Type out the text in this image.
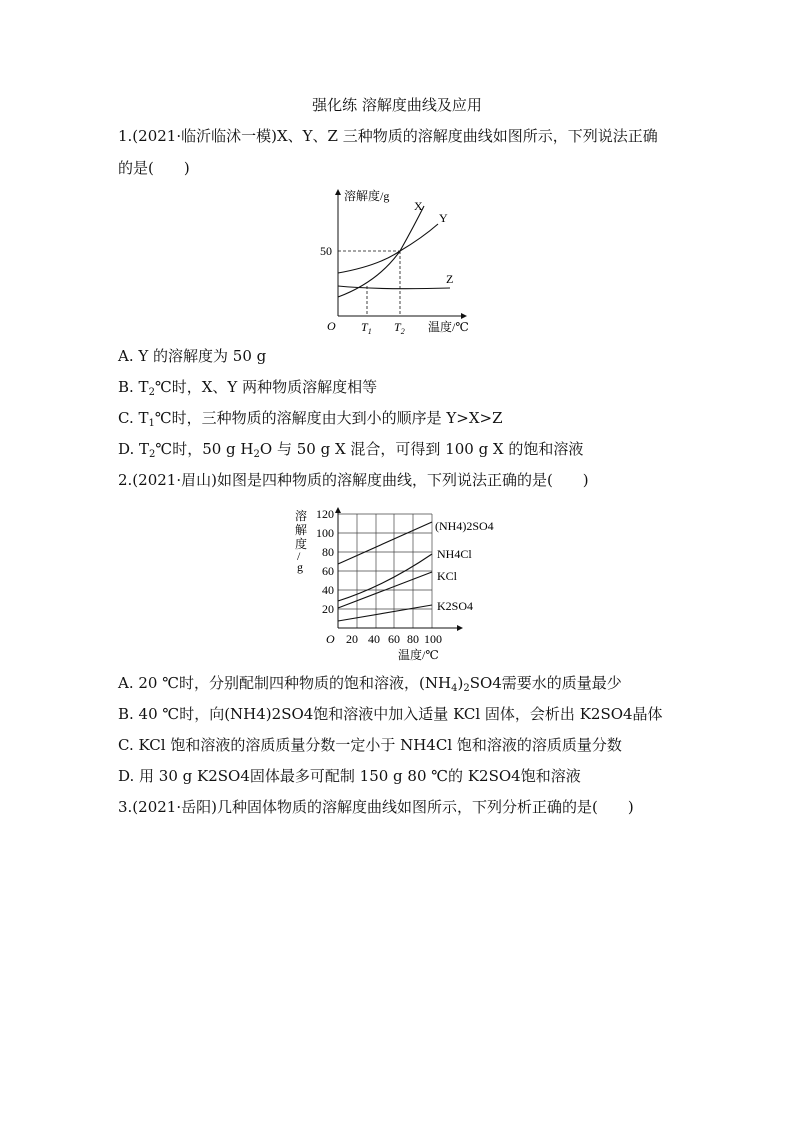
强化练 溶解度曲线及应用
1.(2021·临沂临沭一模)X、Y、Z 三种物质的溶解度曲线如图所示，下列说法正确
的是(　　)
溶解度/g
O
50
X
Y
Z
$T_1$ $T_2$ 温度/℃
A. Y 的溶解度为 50 g
B. $T_2℃$时，X、Y 两种物质溶解度相等
C. $T_1℃$时，三种物质的溶解度由大到小的顺序是 Y>X>Z
D. $T_2℃$时，50 g $H_2O$ 与 50 g X 混合，可得到 100 g X 的饱和溶液
2.(2021·眉山)如图是四种物质的溶解度曲线，下列说法正确的是(　　)
溶
解
度
/
g
120
100
80
60
40
20
O 20 40 60 80 100
温度/℃
(NH4)2SO4
NH4Cl
KCl
K2SO4
A. 20 ℃时，分别配制四种物质的饱和溶液，$(NH_4)_2SO4$需要水的质量最少
B. 40 ℃时，向(NH4)2SO4饱和溶液中加入适量 KCl 固体，会析出 K2SO4晶体
C. KCl 饱和溶液的溶质质量分数一定小于 NH4Cl 饱和溶液的溶质质量分数
D. 用 30 g K2SO4固体最多可配制 150 g 80 ℃的 K2SO4饱和溶液
3.(2021·岳阳)几种固体物质的溶解度曲线如图所示，下列分析正确的是(　　)
